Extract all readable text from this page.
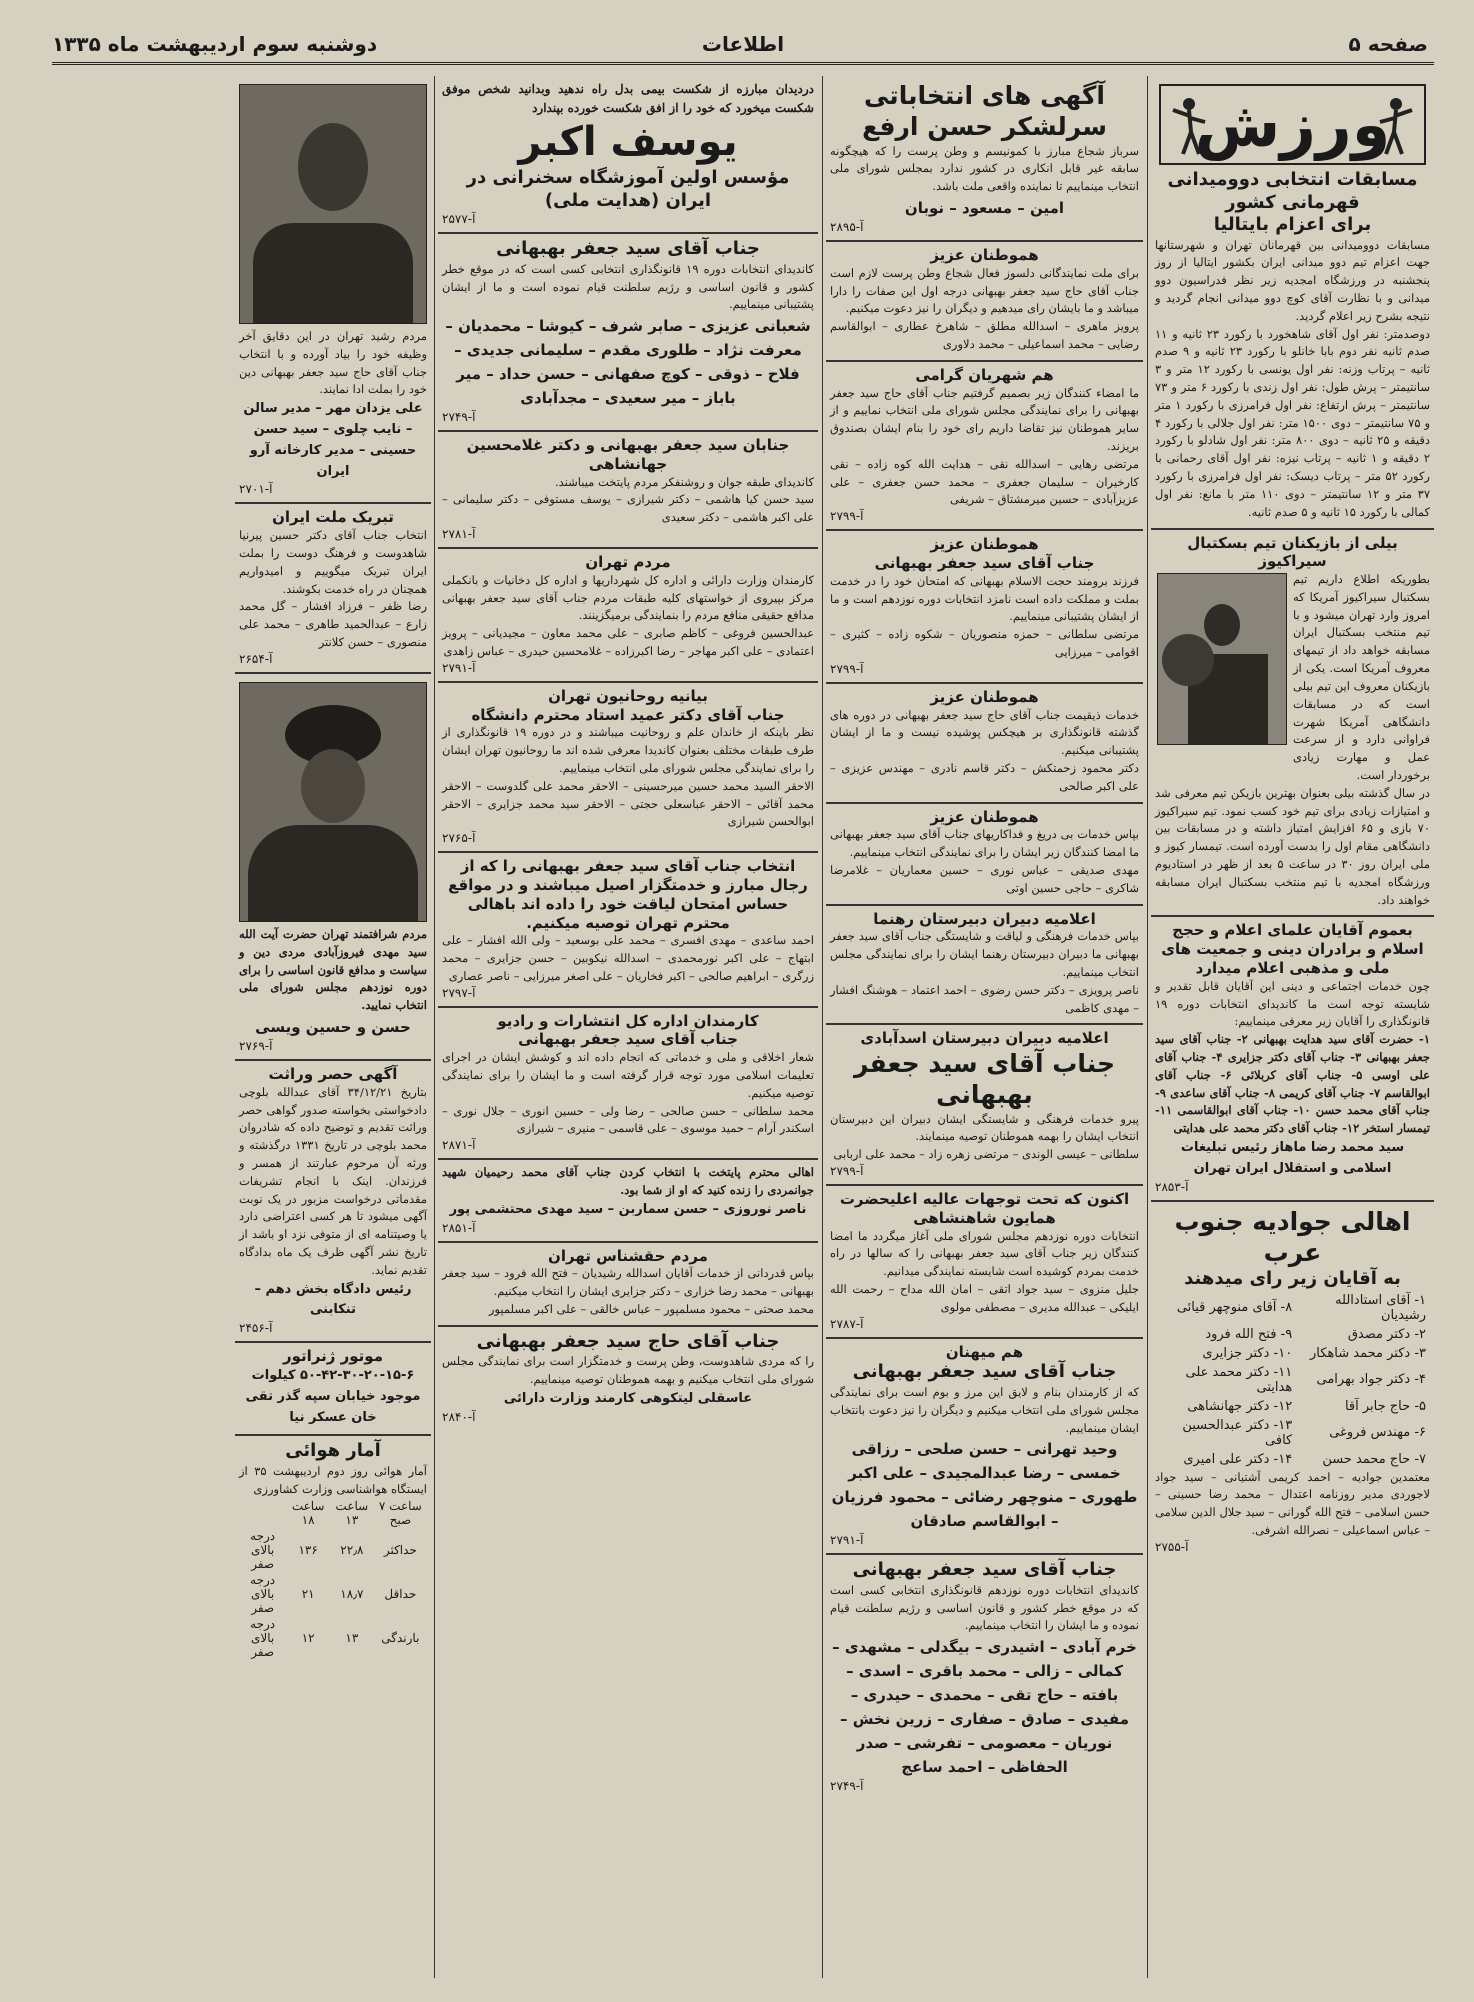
صفحه ۵
اطلاعات
دوشنبه سوم اردیبهشت ماه ۱۳۳۵
ورزش
مسابقات انتخابی دوومیدانی قهرمانی کشور
برای اعزام بایتالیا
مسابقات دوومیدانی بین قهرمانان تهران و شهرستانها جهت اعزام تیم دوو میدانی ایران بکشور ایتالیا از روز پنجشنبه در ورزشگاه امجدیه زیر نظر فدراسیون دوو میدانی و با نظارت آقای کوچ دوو میدانی انجام گردید و نتیجه بشرح زیر اعلام گردید.
دوصدمتر: نفر اول آقای شاهخورد با رکورد ۲۳ ثانیه و ۱۱ صدم ثانیه نفر دوم بابا خانلو با رکورد ۲۳ ثانیه و ۹ صدم ثانیه – پرتاب وزنه: نفر اول یونسی با رکورد ۱۲ متر و ۳ سانتیمتر – پرش طول: نفر اول زندی با رکورد ۶ متر و ۷۳ سانتیمتر – پرش ارتفاع: نفر اول فرامرزی با رکورد ۱ متر و ۷۵ سانتیمتر – دوی ۱۵۰۰ متر: نفر اول جلالی با رکورد ۴ دقیقه و ۲۵ ثانیه – دوی ۸۰۰ متر: نفر اول شادلو با رکورد ۲ دقیقه و ۱ ثانیه – پرتاب نیزه: نفر اول آقای رحمانی با رکورد ۵۲ متر – پرتاب دیسک: نفر اول فرامرزی با رکورد ۳۷ متر و ۱۲ سانتیمتر – دوی ۱۱۰ متر با مانع: نفر اول کمالی با رکورد ۱۵ ثانیه و ۵ صدم ثانیه.
بیلی از بازیکنان تیم بسکتبال سیراکیوز
بطوریکه اطلاع داریم تیم بسکتبال سیراکیوز آمریکا که امروز وارد تهران میشود و با تیم منتخب بسکتبال ایران مسابقه خواهد داد از تیمهای معروف آمریکا است. یکی از بازیکنان معروف این تیم بیلی است که در مسابقات دانشگاهی آمریکا شهرت فراوانی دارد و از سرعت عمل و مهارت زیادی برخوردار است.
در سال گذشته بیلی بعنوان بهترین بازیکن تیم معرفی شد و امتیازات زیادی برای تیم خود کسب نمود. تیم سیراکیوز ۷۰ بازی و ۶۵ افزایش امتیاز داشته و در مسابقات بین دانشگاهی مقام اول را بدست آورده است. تیمسار کیوز و ملی ایران روز ۳۰ در ساعت ۵ بعد از ظهر در استادیوم ورزشگاه امجدیه با تیم منتخب بسکتبال ایران مسابقه خواهند داد.
بعموم آقایان علمای اعلام و حجج اسلام و برادران دینی و جمعیت های ملی و مذهبی اعلام میدارد
چون خدمات اجتماعی و دینی این آقایان قابل تقدیر و شایسته توجه است ما کاندیدای انتخابات دوره ۱۹ قانونگذاری را آقایان زیر معرفی مینماییم:
۱- حضرت آقای سید هدایت بهبهانی ۲- جناب آقای سید جعفر بهبهانی ۳- جناب آقای دکتر جزایری ۴- جناب آقای علی اوسی ۵- جناب آقای کربلائی ۶- جناب آقای ابوالقاسم ۷- جناب آقای کریمی ۸- جناب آقای ساعدی ۹- جناب آقای محمد حسن ۱۰- جناب آقای ابوالقاسمی ۱۱- تیمسار استخر ۱۲- جناب آقای دکتر محمد علی هدایتی
سید محمد رضا ماهاز رئیس تبلیغات اسلامی و استقلال ایران تهران
آ-۲۸۵۳
اهالی جوادیه جنوب عرب
به آقایان زیر رای میدهند
۱- آقای استادالله رشیدیان	۸- آقای منوچهر قیائی
۲- دکتر مصدق	۹- فتح الله فرود
۳- دکتر محمد شاهکار	۱۰- دکتر جزایری
۴- دکتر جواد بهرامی	۱۱- دکتر محمد علی هدایتی
۵- حاج جابر آقا	۱۲- دکتر جهانشاهی
۶- مهندس فروغی	۱۳- دکتر عبدالحسین کافی
۷- حاج محمد حسن	۱۴- دکتر علی امیری
معتمدین جوادیه – احمد کریمی آشتیانی – سید جواد لاجوردی مدیر روزنامه اعتدال – محمد رضا حسینی – حسن اسلامی – فتح الله گورانی – سید جلال الدین سلامی – عباس اسماعیلی – نصرالله اشرفی.
آ-۲۷۵۵
آگهی های انتخاباتی
سرلشکر حسن ارفع
سرباز شجاع مبارز با کمونیسم و وطن پرست را که هیچگونه سابقه غیر قابل انکاری در کشور ندارد بمجلس شورای ملی انتخاب مینماییم تا نماینده واقعی ملت باشد.
امین – مسعود – نوبان
آ-۲۸۹۵
هموطنان عزیز
برای ملت نمایندگانی دلسوز فعال شجاع وطن پرست لازم است جناب آقای حاج سید جعفر بهبهانی درجه اول این صفات را دارا میباشد و ما بایشان رای میدهیم و دیگران را نیز دعوت میکنیم.
پرویز ماهری – اسدالله مطلق – شاهرخ عطاری – ابوالقاسم رضایی – محمد اسماعیلی – محمد دلاوری
هم شهریان گرامی
ما امضاء کنندگان زیر بصمیم گرفتیم جناب آقای حاج سید جعفر بهبهانی را برای نمایندگی مجلس شورای ملی انتخاب نماییم و از سایر هموطنان نیز تقاضا داریم رای خود را بنام ایشان بصندوق بریزند.
مرتضی رهایی – اسدالله نقی – هدایت الله کوه زاده – نقی کارخیران – سلیمان جعفری – محمد حسن جعفری – علی عزیزآبادی – حسین میرمشتاق – شریفی
آ-۲۷۹۹
هموطنان عزیز
جناب آقای سید جعفر بهبهانی
فرزند برومند حجت الاسلام بهبهانی که امتحان خود را در خدمت بملت و مملکت داده است نامزد انتخابات دوره نوزدهم است و ما از ایشان پشتیبانی مینماییم.
مرتضی سلطانی – حمزه منصوریان – شکوه زاده – کثیری – اقوامی – میرزایی
آ-۲۷۹۹
هموطنان عزیز
خدمات ذیقیمت جناب آقای حاج سید جعفر بهبهانی در دوره های گذشته قانونگذاری بر هیچکس پوشیده نیست و ما از ایشان پشتیبانی میکنیم.
دکتر محمود زحمتکش – دکتر قاسم نادری – مهندس عزیزی – علی اکبر صالحی
هموطنان عزیز
بپاس خدمات بی دریغ و فداکاریهای جناب آقای سید جعفر بهبهانی ما امضا کنندگان زیر ایشان را برای نمایندگی انتخاب مینماییم.
مهدی صدیقی – عباس نوری – حسین معماریان – غلامرضا شاکری – حاجی حسین اوتی
اعلامیه دبیران دبیرستان رهنما
بپاس خدمات فرهنگی و لیاقت و شایستگی جناب آقای سید جعفر بهبهانی ما دبیران دبیرستان رهنما ایشان را برای نمایندگی مجلس انتخاب مینماییم.
ناصر پرویزی – دکتر حسن رضوی – احمد اعتماد – هوشنگ افشار – مهدی کاظمی
اعلامیه دبیران دبیرستان اسدآبادی
جناب آقای سید جعفر بهبهانی
پیرو خدمات فرهنگی و شایستگی ایشان دبیران این دبیرستان انتخاب ایشان را بهمه هموطنان توصیه مینمایند.
سلطانی – عیسی الوندی – مرتضی زهره زاد – محمد علی اربابی
آ-۲۷۹۹
اکنون که تحت توجهات عالیه اعلیحضرت همایون شاهنشاهی
انتخابات دوره نوزدهم مجلس شورای ملی آغاز میگردد ما امضا کنندگان زیر جناب آقای سید جعفر بهبهانی را که سالها در راه خدمت بمردم کوشیده است شایسته نمایندگی میدانیم.
جلیل منزوی – سید جواد اتقی – امان الله مداح – رحمت الله ایلیکی – عبدالله مدیری – مصطفی مولوی
آ-۲۷۸۷
هم میهنان
جناب آقای سید جعفر بهبهانی
که از کارمندان بنام و لایق این مرز و بوم است برای نمایندگی مجلس شورای ملی انتخاب میکنیم و دیگران را نیز دعوت بانتخاب ایشان مینماییم.
وحید تهرانی – حسن صلحی – رزاقی خمسی – رضا عبدالمجیدی – علی اکبر طهوری – منوچهر رضائی – محمود فرزیان – ابوالقاسم صادقان
آ-۲۷۹۱
جناب آقای سید جعفر بهبهانی
کاندیدای انتخابات دوره نوزدهم قانونگذاری انتخابی کسی است که در موقع خطر کشور و قانون اساسی و رژیم سلطنت قیام نموده و ما ایشان را انتخاب مینماییم.
خرم آبادی – اشیدری – بیگدلی – مشهدی – کمالی – زالی – محمد باقری – اسدی – بافته – حاج تقی – محمدی – حیدری – مفیدی – صادق – صفاری – زرین نخش – نوریان – معصومی – تفرشی – صدر الحفاظی – احمد ساعج
آ-۲۷۴۹
دردیدان مبارزه از شکست بیمی بدل راه ندهید وبدانید شخص موفق شکست میخورد که خود را از افق شکست خورده بپندارد
یوسف اکبر
مؤسس اولین آموزشگاه سخنرانی در ایران (هدایت ملی)
آ-۲۵۷۷
جناب آقای سید جعفر بهبهانی
کاندیدای انتخابات دوره ۱۹ قانونگذاری انتخابی کسی است که در موقع خطر کشور و قانون اساسی و رژیم سلطنت قیام نموده است و ما از ایشان پشتیبانی مینماییم.
شعبانی عزیزی – صابر شرف – کیوشا – محمدیان – معرفت نژاد – طلوری مقدم – سلیمانی جدیدی – فلاح – ذوقی – کوچ صفهانی – حسن حداد – میر باباز – میر سعیدی – مجدآبادی
آ-۲۷۴۹
جنابان سید جعفر بهبهانی و دکتر غلامحسین جهانشاهی
کاندیدای طبقه جوان و روشنفکر مردم پایتخت میباشند.
سید حسن کیا هاشمی – دکتر شیرازی – یوسف مستوفی – دکتر سلیمانی – علی اکبر هاشمی – دکتر سعیدی
آ-۲۷۸۱
مردم تهران
کارمندان وزارت دارائی و اداره کل شهرداریها و اداره کل دخانیات و بانکملی مرکز بپیروی از خواستهای کلیه طبقات مردم جناب آقای سید جعفر بهبهانی مدافع حقیقی منافع مردم را بنمایندگی برمیگزینند.
عبدالحسین فروغی – کاظم صابری – علی محمد معاون – مجیدیانی – پرویز اعتمادی – علی اکبر مهاجر – رضا اکبرزاده – غلامحسین حیدری – عباس زاهدی
آ-۲۷۹۱
بیانیه روحانیون تهران
جناب آقای دکتر عمید استاد محترم دانشگاه
نظر باینکه از خاندان علم و روحانیت میباشند و در دوره ۱۹ قانونگذاری از طرف طبقات مختلف بعنوان کاندیدا معرفی شده اند ما روحانیون تهران ایشان را برای نمایندگی مجلس شورای ملی انتخاب مینماییم.
الاحقر السید محمد حسین میرحسینی – الاحقر محمد علی گلدوست – الاحقر محمد آقائی – الاحقر عباسعلی حجتی – الاحقر سید محمد جزایری – الاحقر ابوالحسن شیرازی
آ-۲۷۶۵
انتخاب جناب آقای سید جعفر بهبهانی را که از رجال مبارز و خدمتگزار اصیل میباشند و در مواقع حساس امتحان لیاقت خود را داده اند باهالی محترم تهران توصیه میکنیم.
احمد ساعدی – مهدی افسری – محمد علی بوسعید – ولی الله افشار – علی ابتهاج – علی اکبر نورمحمدی – اسدالله نیکوبین – حسن جزایری – محمد زرگری – ابراهیم صالحی – اکبر فخاریان – علی اصغر میرزایی – ناصر عصاری
آ-۲۷۹۷
کارمندان اداره کل انتشارات و رادیو
جناب آقای سید جعفر بهبهانی
شعار اخلاقی و ملی و خدماتی که انجام داده اند و کوشش ایشان در اجرای تعلیمات اسلامی مورد توجه قرار گرفته است و ما ایشان را برای نمایندگی توصیه میکنیم.
محمد سلطانی – حسن صالحی – رضا ولی – حسین انوری – جلال نوری – اسکندر آرام – حمید موسوی – علی قاسمی – منیری – شیرازی
آ-۲۸۷۱
اهالی محترم پایتخت با انتخاب کردن جناب آقای محمد رحیمیان شهید جوانمردی را زنده کنید که او از شما بود.
ناصر نوروزی – حسن سماربن – سید مهدی محتشمی پور
آ-۲۸۵۱
مردم حقشناس تهران
بپاس قدردانی از خدمات آقایان اسدالله رشیدیان – فتح الله فرود – سید جعفر بهبهانی – محمد رضا خزاری – دکتر جزایری ایشان را انتخاب میکنیم.
محمد صحتی – محمود مسلمپور – عباس خالقی – علی اکبر مسلمپور
جناب آقای حاج سید جعفر بهبهانی
را که مردی شاهدوست، وطن پرست و خدمتگزار است برای نمایندگی مجلس شورای ملی انتخاب میکنیم و بهمه هموطنان توصیه مینماییم.
عاسقلی لیتکوهی کارمند وزارت دارائی
آ-۲۸۴۰
مردم رشید تهران در این دقایق آخر وظیفه خود را بیاد آورده و با انتخاب جناب آقای حاج سید جعفر بهبهانی دین خود را بملت ادا نمایند.
علی یزدان مهر – مدیر سالن – نایب چلوی – سید حسن حسینی – مدیر کارخانه آرو ایران
آ-۲۷۰۱
تبریک ملت ایران
انتخاب جناب آقای دکتر حسین پیرنیا شاهدوست و فرهنگ دوست را بملت ایران تبریک میگوییم و امیدواریم همچنان در راه خدمت بکوشند.
رضا ظفر – فرزاد افشار – گل محمد زارع – عبدالحمید طاهری – محمد علی منصوری – حسن کلانتر
آ-۲۶۵۴
مردم شرافتمند تهران حضرت آیت الله سید مهدی فیروزآبادی مردی دین و سیاست و مدافع قانون اساسی را برای دوره نوزدهم مجلس شورای ملی انتخاب نمایید.
حسن و حسین ویسی
آ-۲۷۶۹
آگهی حصر وراثت
بتاریخ ۳۴/۱۲/۲۱ آقای عبدالله بلوچی دادخواستی بخواسته صدور گواهی حصر وراثت تقدیم و توضیح داده که شادروان محمد بلوچی در تاریخ ۱۳۳۱ درگذشته و ورثه آن مرحوم عبارتند از همسر و فرزندان. اینک با انجام تشریفات مقدماتی درخواست مزبور در یک نوبت آگهی میشود تا هر کسی اعتراضی دارد یا وصیتنامه ای از متوفی نزد او باشد از تاریخ نشر آگهی ظرف یک ماه بدادگاه تقدیم نماید.
رئیس دادگاه بخش دهم – تنکابنی
آ-۲۴۵۶
موتور ژنراتور
۵۰-۴۲-۳۰-۲۰-۱۵-۶ کیلوات موجود خیابان سپه گذر تقی خان عسکر نیا
آمار هوائی
آمار هوائی روز دوم اردیبهشت ۳۵ از ایستگاه هواشناسی وزارت کشاورزی
ساعت ۷ صبح	ساعت ۱۳	ساعت ۱۸	
حداکثر	۲۲٫۸	۱۳۶	درجه بالای صفر
حداقل	۱۸٫۷	۲۱	درجه بالای صفر
بارندگی	۱۳	۱۲	درجه بالای صفر
